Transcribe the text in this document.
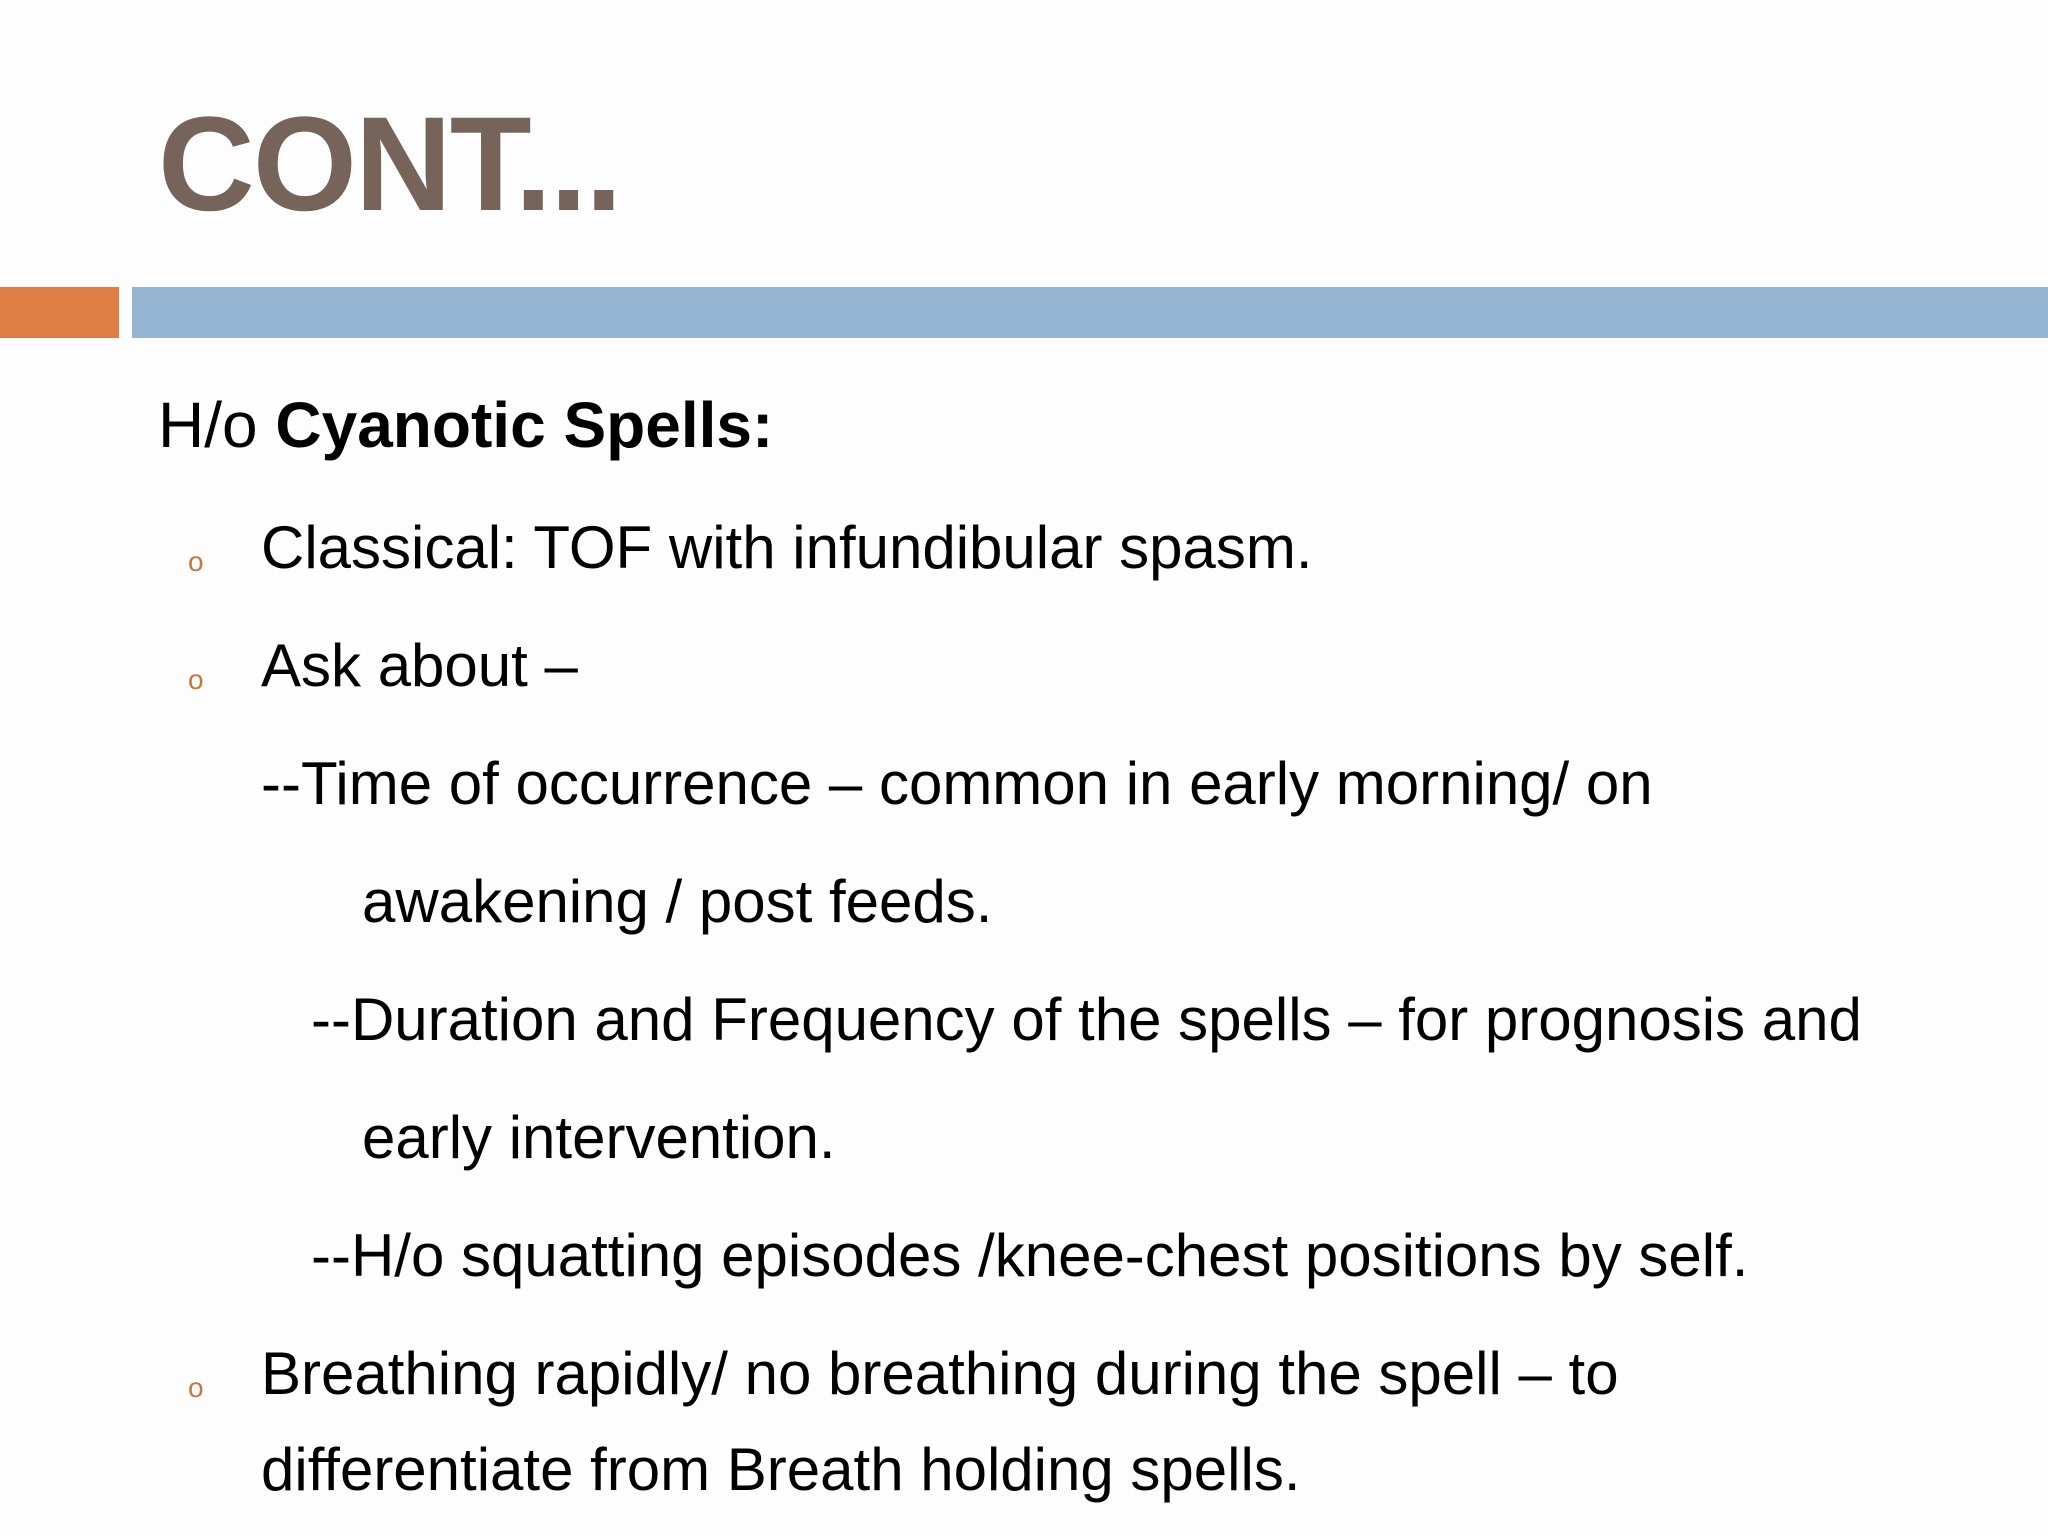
CONT...
H/o Cyanotic Spells:
o Classical: TOF with infundibular spasm.
o Ask about –
--Time of occurrence – common in early morning/ on
awakening / post feeds.
--Duration and Frequency of the spells – for prognosis and
early intervention.
--H/o squatting episodes /knee-chest positions by self.
o Breathing rapidly/ no breathing during the spell – to
differentiate from Breath holding spells.
